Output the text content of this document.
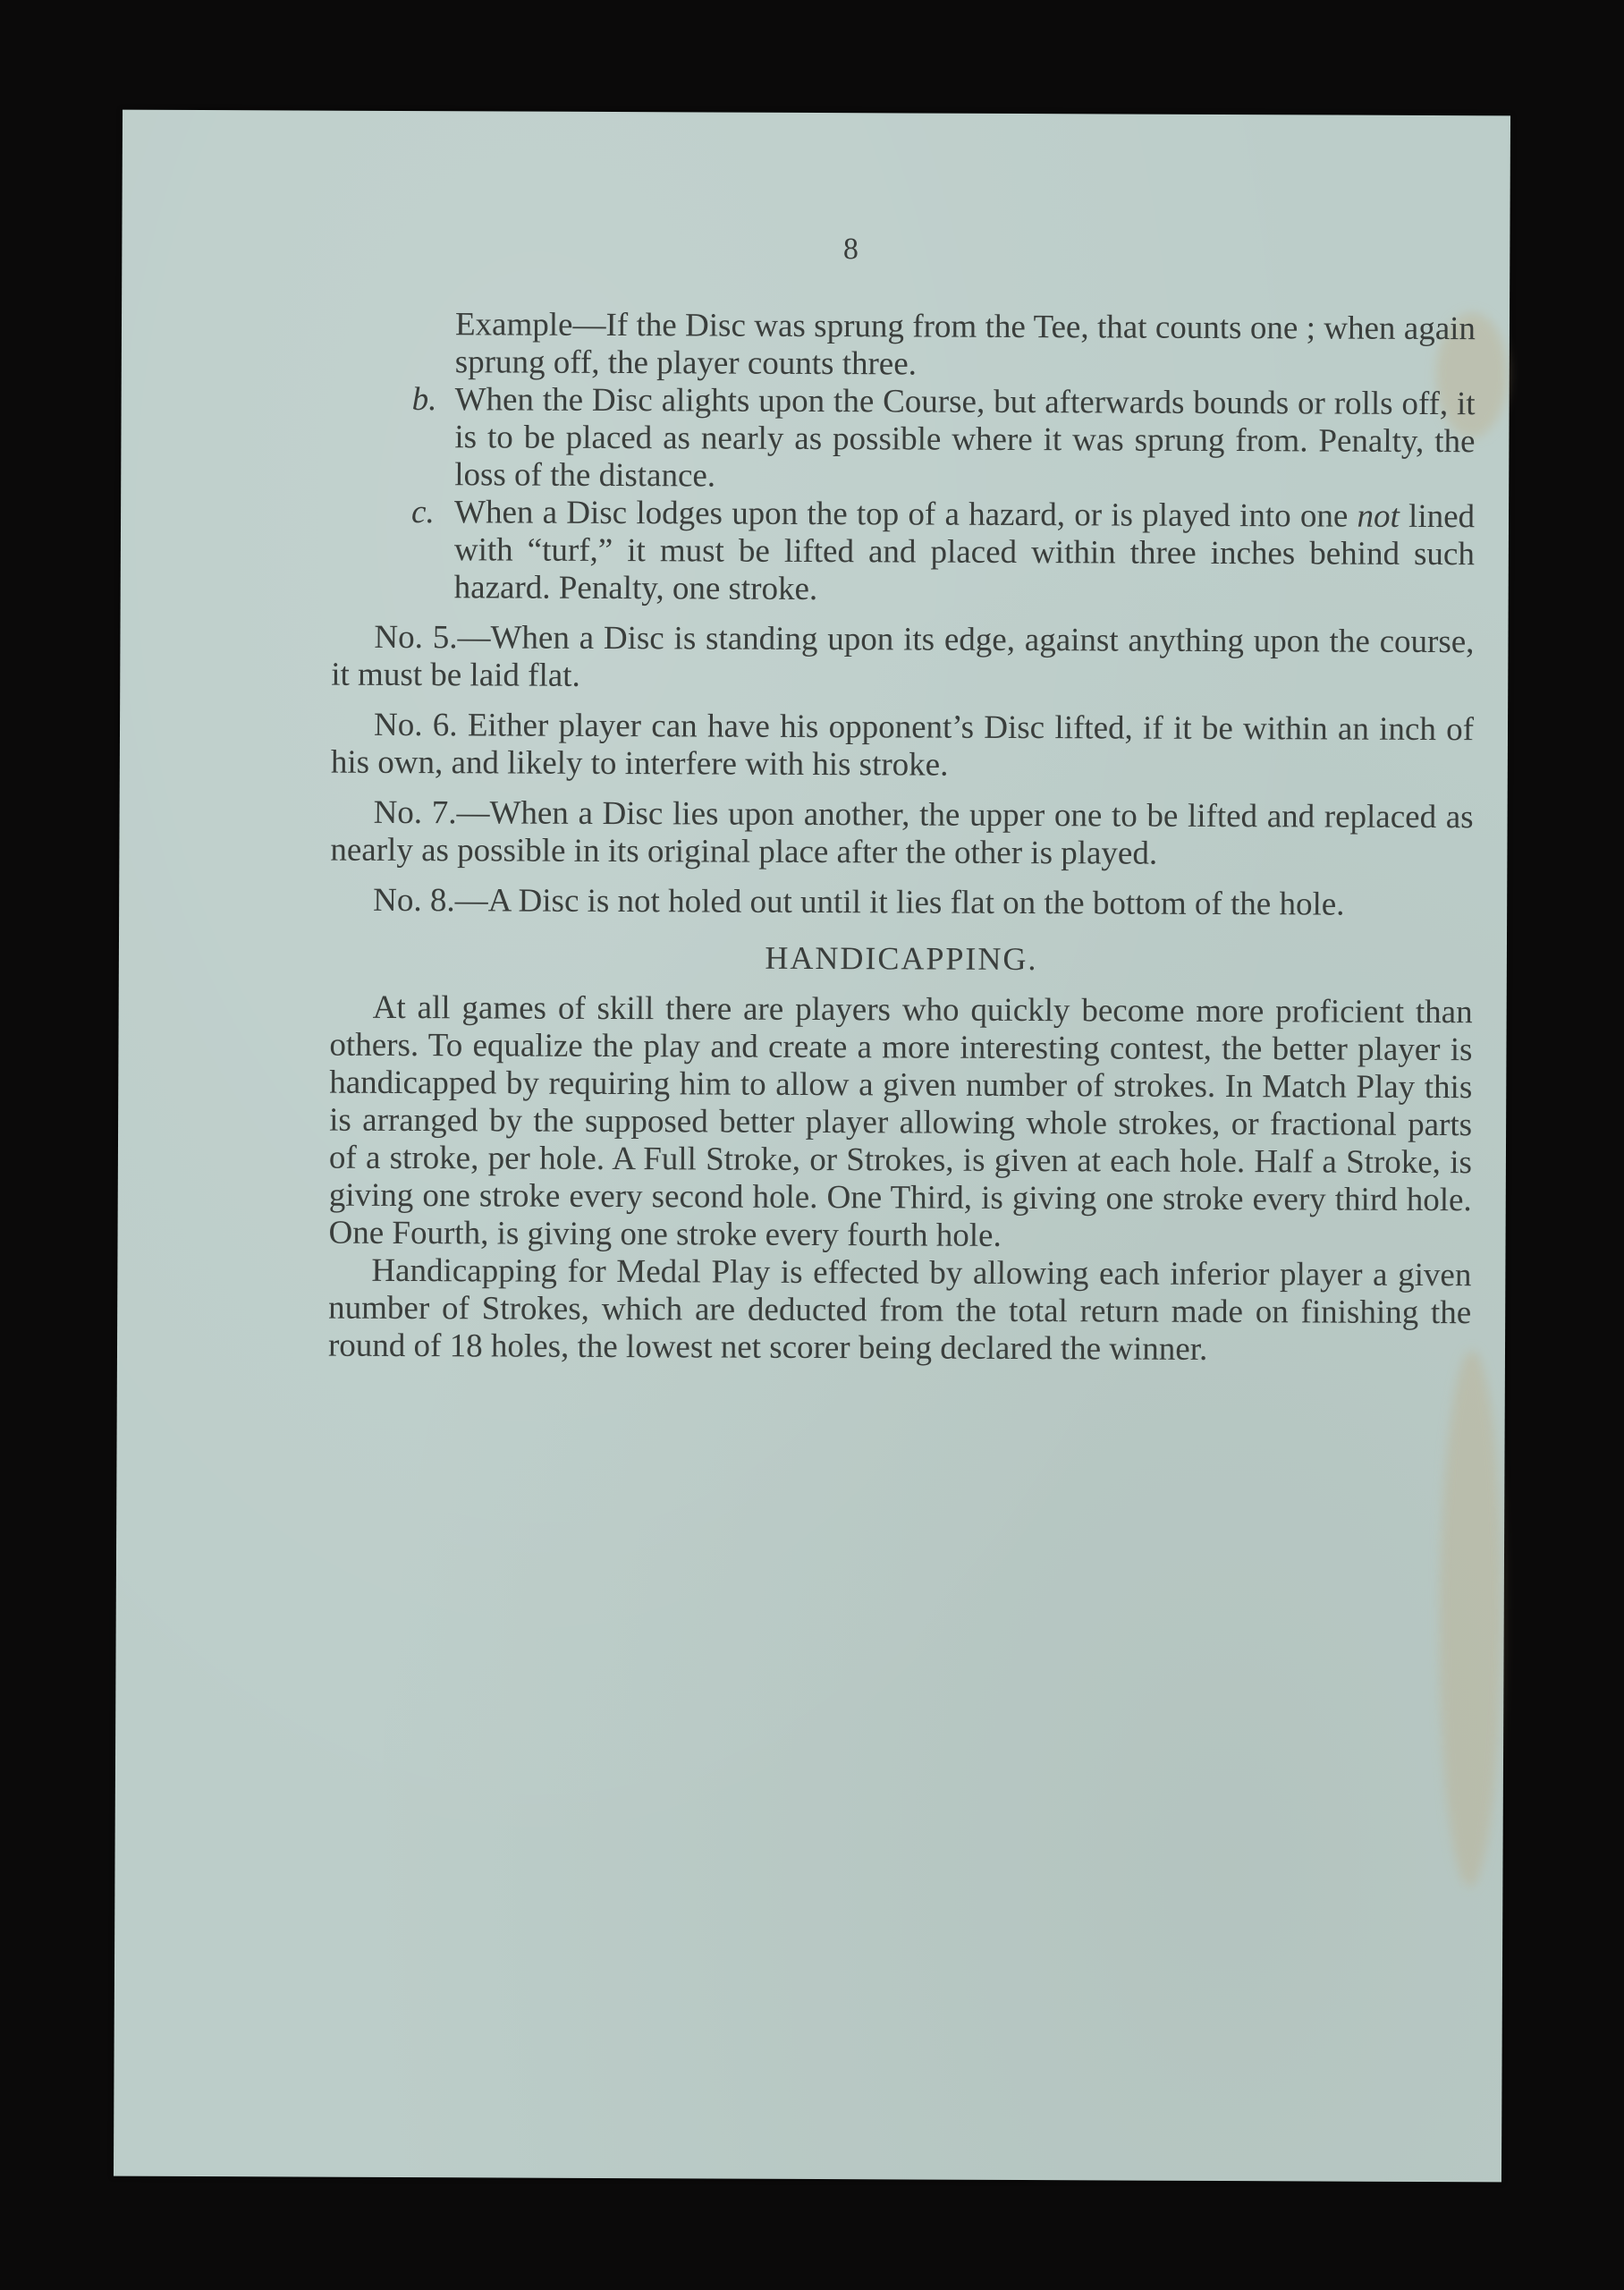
8

Example—If the Disc was sprung from the Tee, that counts one ; when again sprung off, the player counts three.

b. When the Disc alights upon the Course, but afterwards bounds or rolls off, it is to be placed as nearly as possible where it was sprung from. Penalty, the loss of the distance.

c. When a Disc lodges upon the top of a hazard, or is played into one not lined with “turf,” it must be lifted and placed within three inches behind such hazard. Penalty, one stroke.

No. 5.—When a Disc is standing upon its edge, against anything upon the course, it must be laid flat.

No. 6. Either player can have his opponent’s Disc lifted, if it be within an inch of his own, and likely to interfere with his stroke.

No. 7.—When a Disc lies upon another, the upper one to be lifted and replaced as nearly as possible in its original place after the other is played.

No. 8.—A Disc is not holed out until it lies flat on the bottom of the hole.

HANDICAPPING.

At all games of skill there are players who quickly become more proficient than others. To equalize the play and create a more interesting contest, the better player is handicapped by requiring him to allow a given number of strokes. In Match Play this is arranged by the supposed better player allowing whole strokes, or fractional parts of a stroke, per hole. A Full Stroke, or Strokes, is given at each hole. Half a Stroke, is giving one stroke every second hole. One Third, is giving one stroke every third hole. One Fourth, is giving one stroke every fourth hole.

Handicapping for Medal Play is effected by allowing each inferior player a given number of Strokes, which are deducted from the total return made on finishing the round of 18 holes, the lowest net scorer being declared the winner.
